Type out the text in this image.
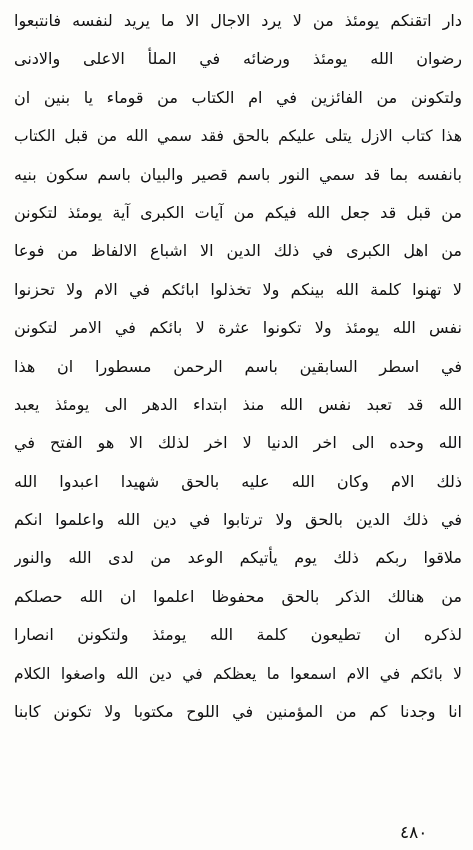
دار اتقنكم يومئذ من لا يرد الاجال الا ما يريد لنفسه فانتبعوا
رضوان الله يومئذ ورضائه في الملأ الاعلى والادنى
ولتكونن من الفائزين في ام الكتاب من قوماء يا بنين ان
هذا كتاب الازل يتلى عليكم بالحق فقد سمي الله من قبل الكتاب
بانفسه بما قد سمي النور باسم قصير والبيان باسم سكون بنيه
من قبل قد جعل الله فيكم من آيات الكبرى آية يومئذ لتكونن
من اهل الكبرى في ذلك الدين الا اشباع الالفاظ من فوعا
لا تهنوا كلمة الله بينكم ولا تخذلوا ابائكم في الام ولا تحزنوا
نفس الله يومئذ ولا تكونوا عثرة لا بائكم في الامر لتكونن
في اسطر السابقين باسم الرحمن مسطورا ان هذا
الله قد تعبد نفس الله منذ ابتداء الدهر الى يومئذ يعبد
الله وحده الى اخر الدنيا لا اخر لذلك الا هو الفتح في
ذلك الام وكان الله عليه بالحق شهيدا اعبدوا الله
في ذلك الدين بالحق ولا ترتابوا في دين الله واعلموا انكم
ملاقوا ربكم ذلك يوم يأتيكم الوعد من لدى الله والنور
من هنالك الذكر بالحق محفوظا اعلموا ان الله حصلكم
لذكره ان تطيعون كلمة الله يومئذ ولتكونن انصارا
لا بائكم في الام اسمعوا ما يعظكم في دين الله واصغوا الكلام
انا وجدنا كم من المؤمنين في اللوح مكتوبا ولا تكونن كابنا
٤٨٠
